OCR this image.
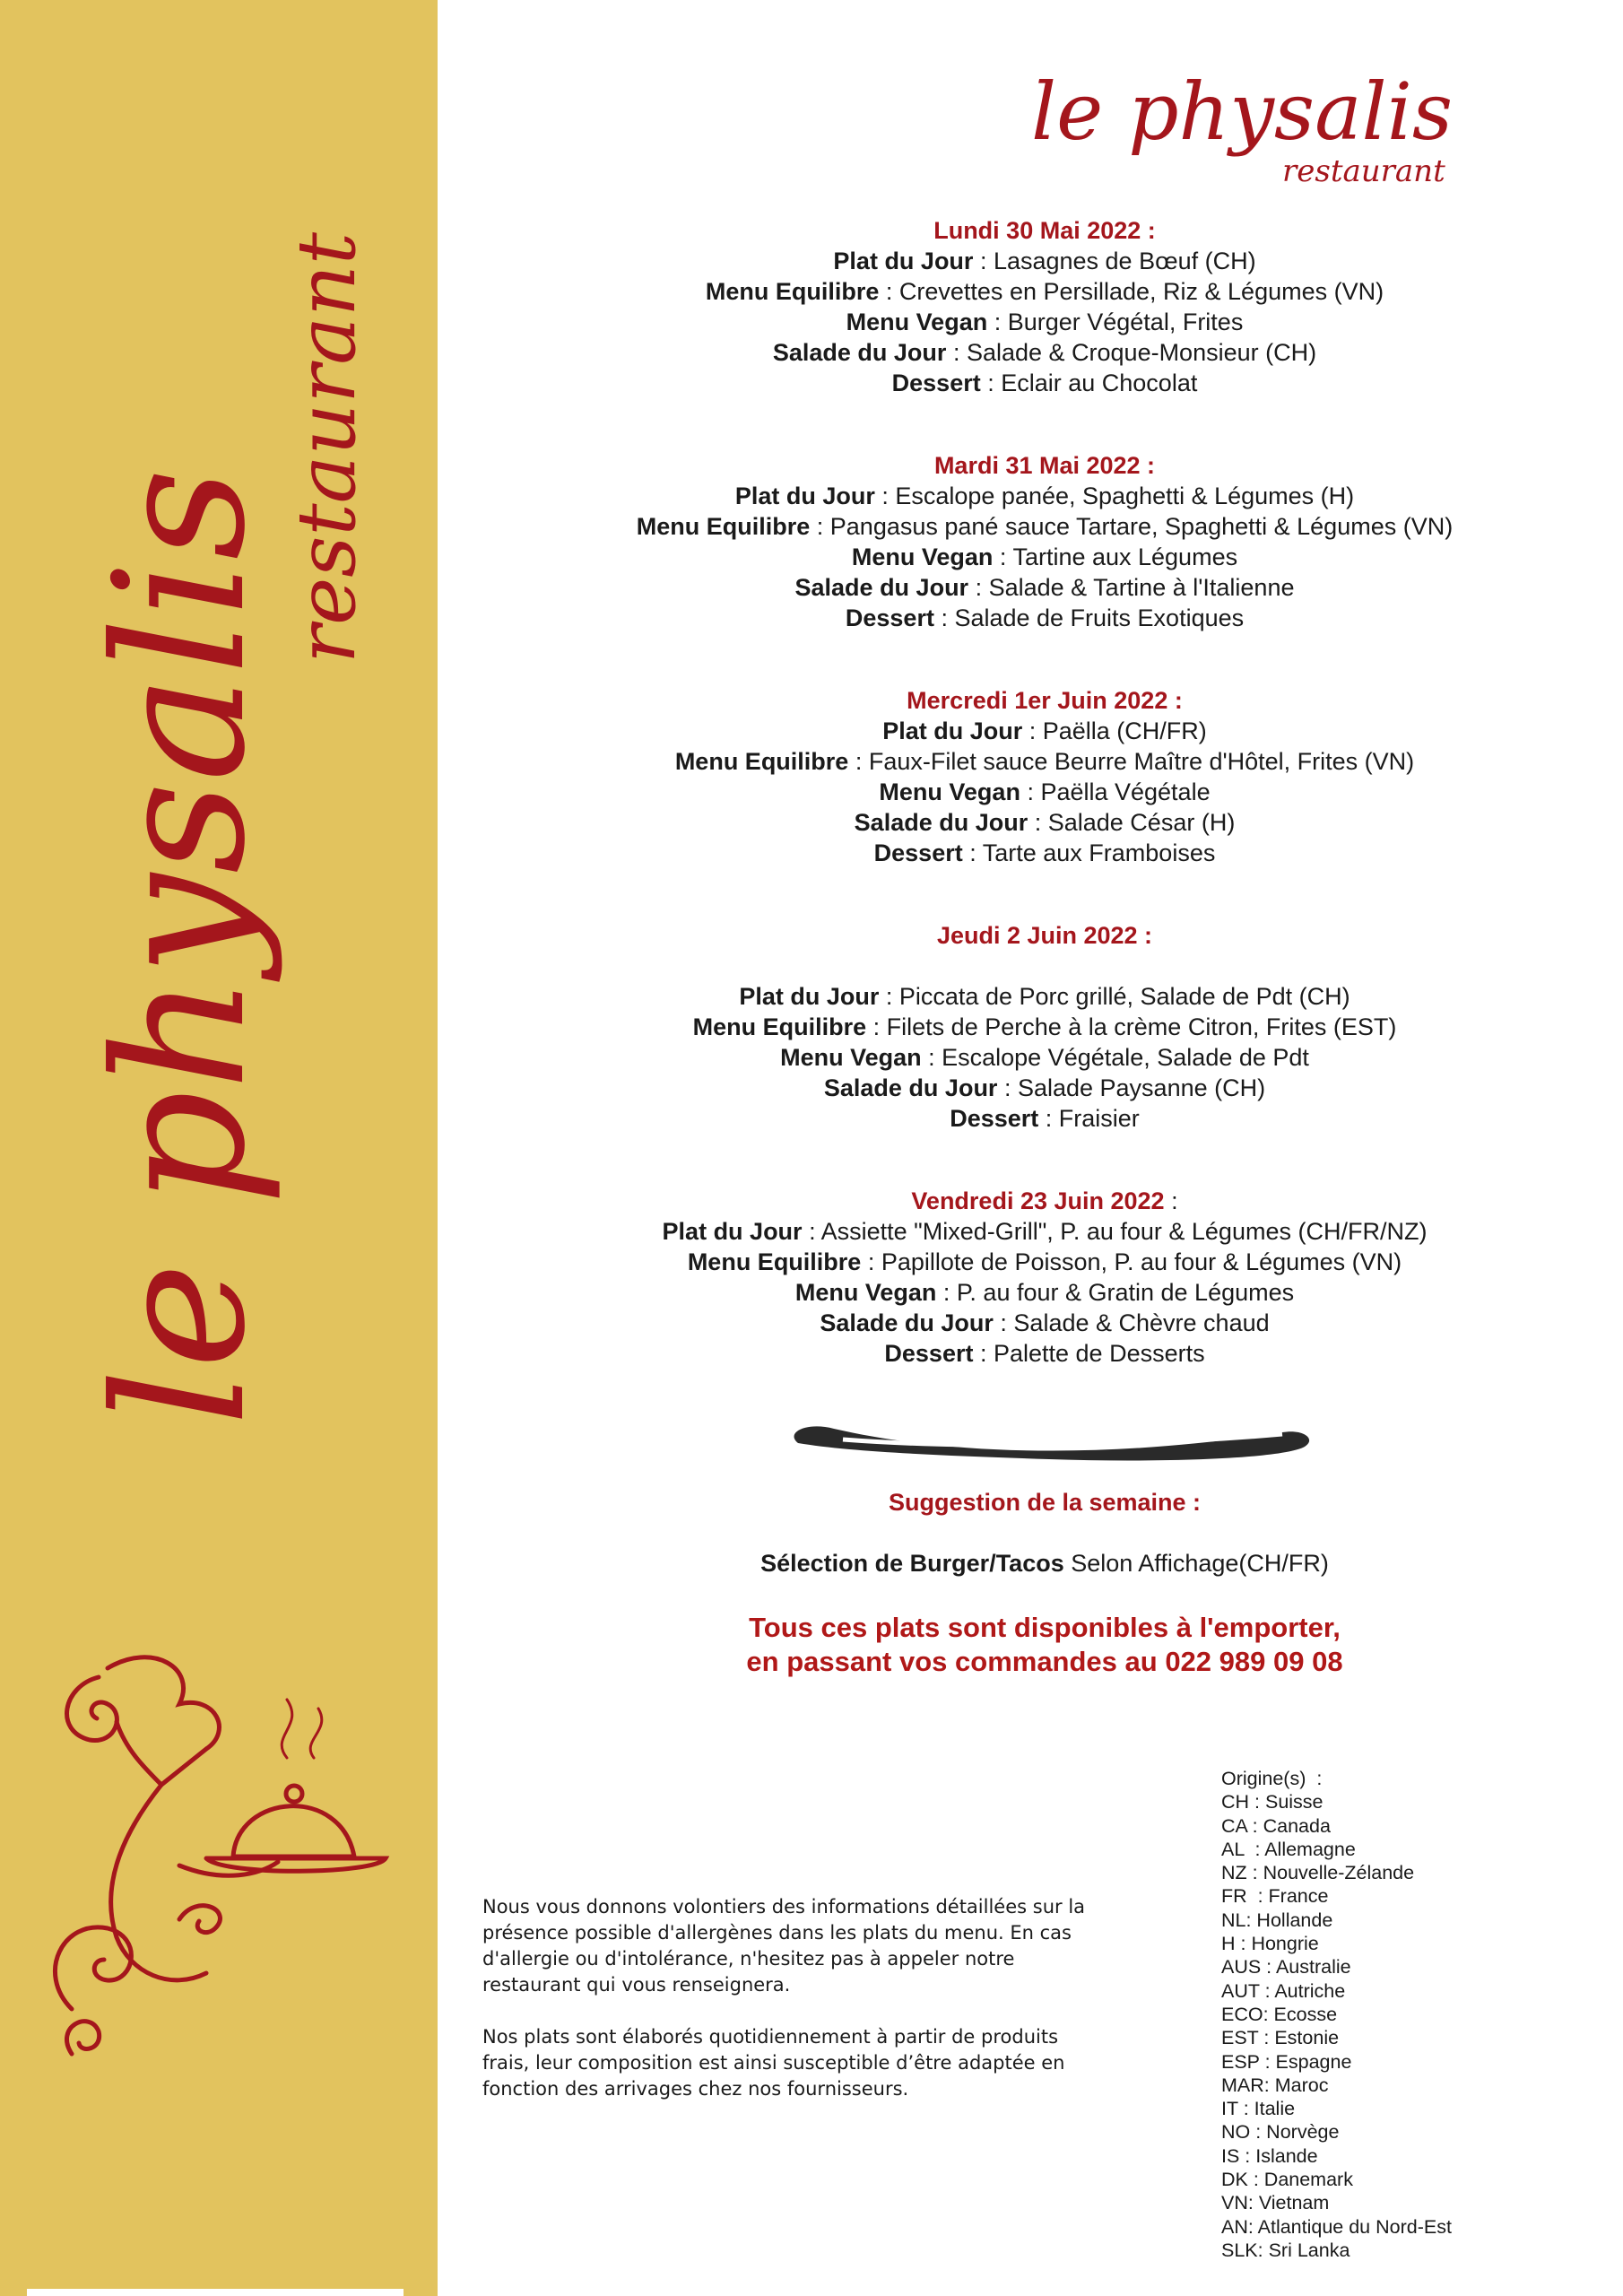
le physalis
restaurant
le physalis
restaurant
Lundi 30 Mai 2022 :
Plat du Jour : Lasagnes de Bœuf (CH)
Menu Equilibre : Crevettes en Persillade, Riz & Légumes (VN)
Menu Vegan : Burger Végétal, Frites
Salade du Jour : Salade & Croque-Monsieur (CH)
Dessert : Eclair au Chocolat
Mardi 31 Mai 2022 :
Plat du Jour : Escalope panée, Spaghetti & Légumes (H)
Menu Equilibre : Pangasus pané sauce Tartare, Spaghetti & Légumes (VN)
Menu Vegan : Tartine aux Légumes
Salade du Jour : Salade & Tartine à l'Italienne
Dessert : Salade de Fruits Exotiques
Mercredi 1er Juin 2022 :
Plat du Jour : Paëlla (CH/FR)
Menu Equilibre : Faux-Filet sauce Beurre Maître d'Hôtel, Frites (VN)
Menu Vegan : Paëlla Végétale
Salade du Jour : Salade César (H)
Dessert : Tarte aux Framboises
Jeudi 2 Juin 2022 :
Plat du Jour : Piccata de Porc grillé, Salade de Pdt (CH)
Menu Equilibre : Filets de Perche à la crème Citron, Frites (EST)
Menu Vegan : Escalope Végétale, Salade de Pdt
Salade du Jour : Salade Paysanne (CH)
Dessert : Fraisier
Vendredi 23 Juin 2022 :
Plat du Jour : Assiette "Mixed-Grill", P. au four & Légumes (CH/FR/NZ)
Menu Equilibre : Papillote de Poisson, P. au four & Légumes (VN)
Menu Vegan : P. au four & Gratin de Légumes
Salade du Jour : Salade & Chèvre chaud
Dessert : Palette de Desserts
Suggestion de la semaine :
Sélection de Burger/Tacos Selon Affichage(CH/FR)
Tous ces plats sont disponibles à l'emporter,
en passant vos commandes au 022 989 09 08

Nous vous donnons volontiers des informations détaillées sur la présence possible d'allergènes dans les plats du menu. En cas d'allergie ou d'intolérance, n'hesitez pas à appeler notre restaurant qui vous renseignera.

Nos plats sont élaborés quotidiennement à partir de produits frais, leur composition est ainsi susceptible d’être adaptée en fonction des arrivages chez nos fournisseurs.

Origine(s)  :
CH : Suisse
CA : Canada
AL  : Allemagne
NZ : Nouvelle-Zélande
FR  : France
NL: Hollande
H : Hongrie
AUS : Australie
AUT : Autriche
ECO: Ecosse
EST : Estonie
ESP : Espagne
MAR: Maroc
IT : Italie
NO : Norvège
IS : Islande
DK : Danemark
VN: Vietnam
AN: Atlantique du Nord-Est
SLK: Sri Lanka
